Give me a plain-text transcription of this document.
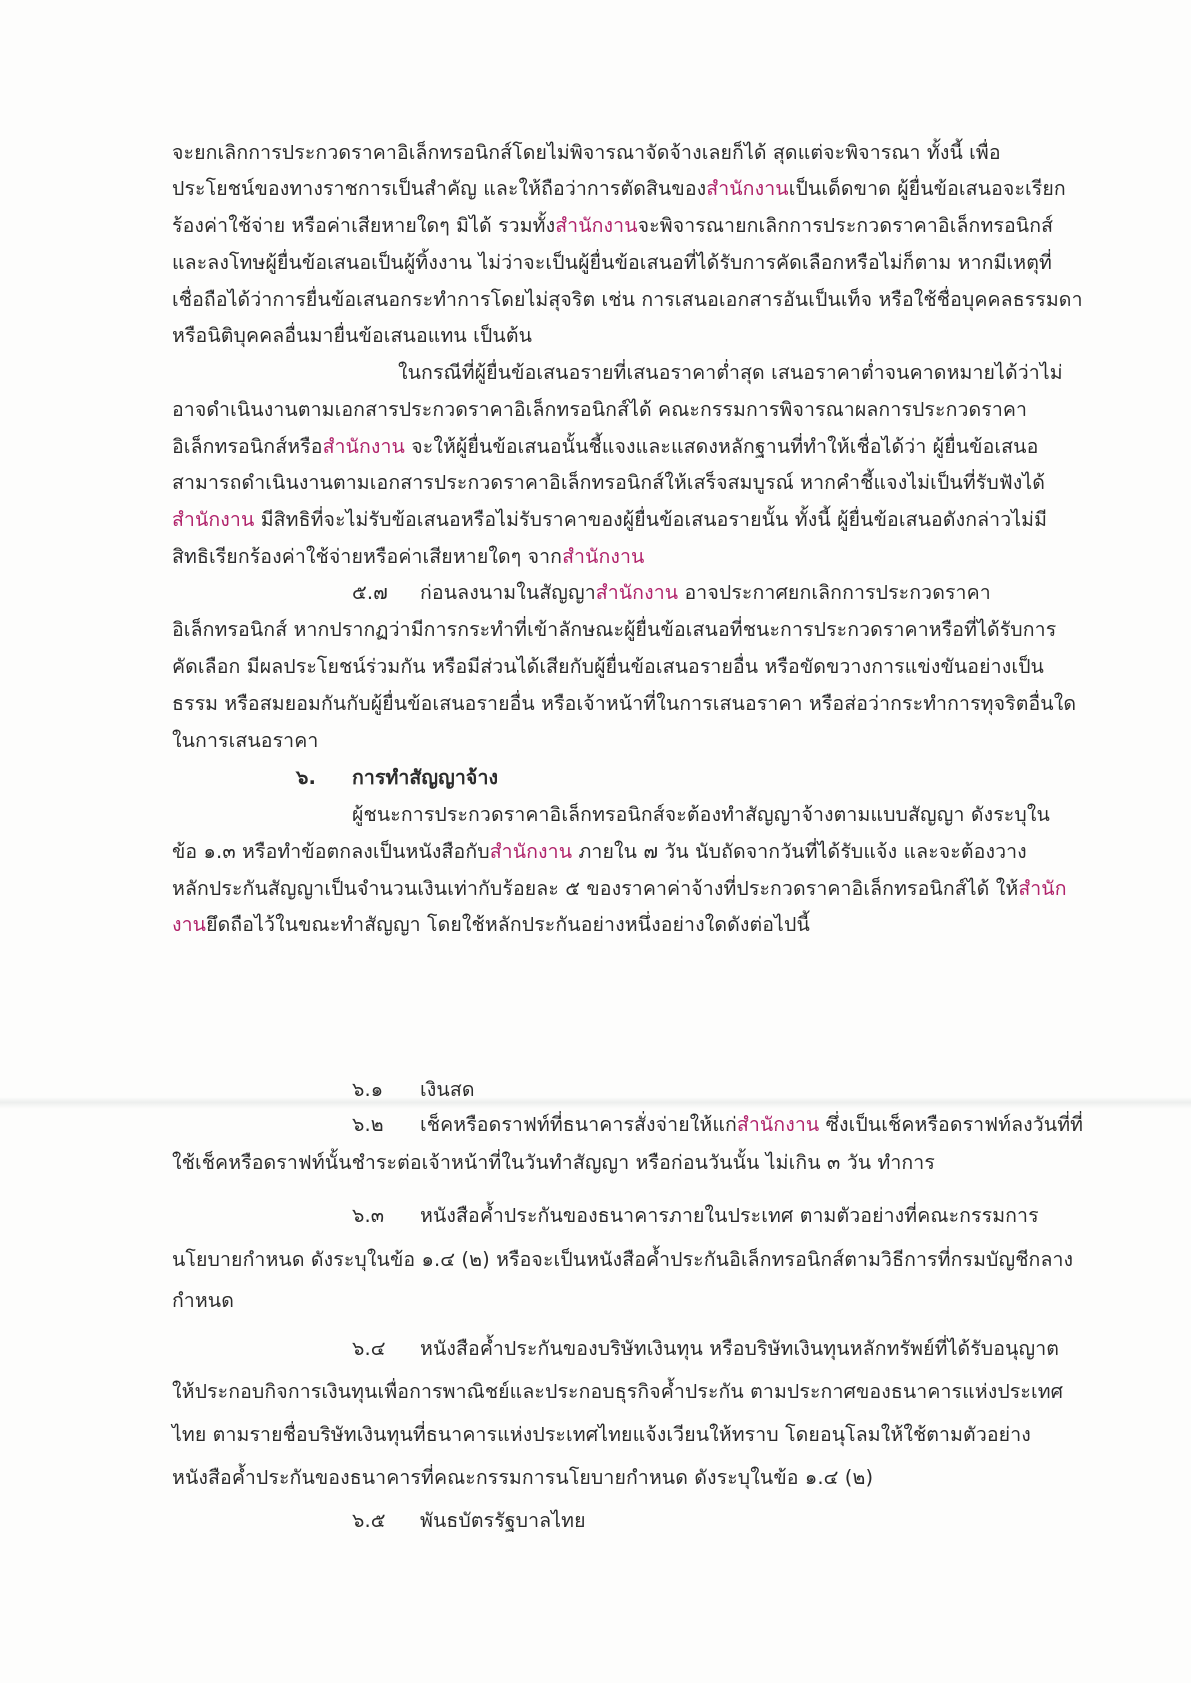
จะยกเลิกการประกวดราคาอิเล็กทรอนิกส์โดยไม่พิจารณาจัดจ้างเลยก็ได้ สุดแต่จะพิจารณา ทั้งนี้ เพื่อ
ประโยชน์ของทางราชการเป็นสำคัญ และให้ถือว่าการตัดสินของสำนักงานเป็นเด็ดขาด ผู้ยื่นข้อเสนอจะเรียก
ร้องค่าใช้จ่าย หรือค่าเสียหายใดๆ มิได้ รวมทั้งสำนักงานจะพิจารณายกเลิกการประกวดราคาอิเล็กทรอนิกส์
และลงโทษผู้ยื่นข้อเสนอเป็นผู้ทิ้งงาน ไม่ว่าจะเป็นผู้ยื่นข้อเสนอที่ได้รับการคัดเลือกหรือไม่ก็ตาม หากมีเหตุที่
เชื่อถือได้ว่าการยื่นข้อเสนอกระทำการโดยไม่สุจริต เช่น การเสนอเอกสารอันเป็นเท็จ หรือใช้ชื่อบุคคลธรรมดา
หรือนิติบุคคลอื่นมายื่นข้อเสนอแทน เป็นต้น
ในกรณีที่ผู้ยื่นข้อเสนอรายที่เสนอราคาต่ำสุด เสนอราคาต่ำจนคาดหมายได้ว่าไม่
อาจดำเนินงานตามเอกสารประกวดราคาอิเล็กทรอนิกส์ได้ คณะกรรมการพิจารณาผลการประกวดราคา
อิเล็กทรอนิกส์หรือสำนักงาน จะให้ผู้ยื่นข้อเสนอนั้นชี้แจงและแสดงหลักฐานที่ทำให้เชื่อได้ว่า ผู้ยื่นข้อเสนอ
สามารถดำเนินงานตามเอกสารประกวดราคาอิเล็กทรอนิกส์ให้เสร็จสมบูรณ์ หากคำชี้แจงไม่เป็นที่รับฟังได้
สำนักงาน มีสิทธิที่จะไม่รับข้อเสนอหรือไม่รับราคาของผู้ยื่นข้อเสนอรายนั้น ทั้งนี้ ผู้ยื่นข้อเสนอดังกล่าวไม่มี
สิทธิเรียกร้องค่าใช้จ่ายหรือค่าเสียหายใดๆ จากสำนักงาน
๕.๗ ก่อนลงนามในสัญญาสำนักงาน อาจประกาศยกเลิกการประกวดราคา
อิเล็กทรอนิกส์ หากปรากฏว่ามีการกระทำที่เข้าลักษณะผู้ยื่นข้อเสนอที่ชนะการประกวดราคาหรือที่ได้รับการ
คัดเลือก มีผลประโยชน์ร่วมกัน หรือมีส่วนได้เสียกับผู้ยื่นข้อเสนอรายอื่น หรือขัดขวางการแข่งขันอย่างเป็น
ธรรม หรือสมยอมกันกับผู้ยื่นข้อเสนอรายอื่น หรือเจ้าหน้าที่ในการเสนอราคา หรือส่อว่ากระทำการทุจริตอื่นใด
ในการเสนอราคา
๖. การทำสัญญาจ้าง
ผู้ชนะการประกวดราคาอิเล็กทรอนิกส์จะต้องทำสัญญาจ้างตามแบบสัญญา ดังระบุใน
ข้อ ๑.๓ หรือทำข้อตกลงเป็นหนังสือกับสำนักงาน ภายใน ๗ วัน นับถัดจากวันที่ได้รับแจ้ง และจะต้องวาง
หลักประกันสัญญาเป็นจำนวนเงินเท่ากับร้อยละ ๕ ของราคาค่าจ้างที่ประกวดราคาอิเล็กทรอนิกส์ได้ ให้สำนัก
งานยึดถือไว้ในขณะทำสัญญา โดยใช้หลักประกันอย่างหนึ่งอย่างใดดังต่อไปนี้
๖.๑ เงินสด
๖.๒ เช็คหรือดราฟท์ที่ธนาคารสั่งจ่ายให้แก่สำนักงาน ซึ่งเป็นเช็คหรือดราฟท์ลงวันที่ที่
ใช้เช็คหรือดราฟท์นั้นชำระต่อเจ้าหน้าที่ในวันทำสัญญา หรือก่อนวันนั้น ไม่เกิน ๓ วัน ทำการ
๖.๓ หนังสือค้ำประกันของธนาคารภายในประเทศ ตามตัวอย่างที่คณะกรรมการ
นโยบายกำหนด ดังระบุในข้อ ๑.๔ (๒) หรือจะเป็นหนังสือค้ำประกันอิเล็กทรอนิกส์ตามวิธีการที่กรมบัญชีกลาง
กำหนด
๖.๔ หนังสือค้ำประกันของบริษัทเงินทุน หรือบริษัทเงินทุนหลักทรัพย์ที่ได้รับอนุญาต
ให้ประกอบกิจการเงินทุนเพื่อการพาณิชย์และประกอบธุรกิจค้ำประกัน ตามประกาศของธนาคารแห่งประเทศ
ไทย ตามรายชื่อบริษัทเงินทุนที่ธนาคารแห่งประเทศไทยแจ้งเวียนให้ทราบ โดยอนุโลมให้ใช้ตามตัวอย่าง
หนังสือค้ำประกันของธนาคารที่คณะกรรมการนโยบายกำหนด ดังระบุในข้อ ๑.๔ (๒)
๖.๕ พันธบัตรรัฐบาลไทย
